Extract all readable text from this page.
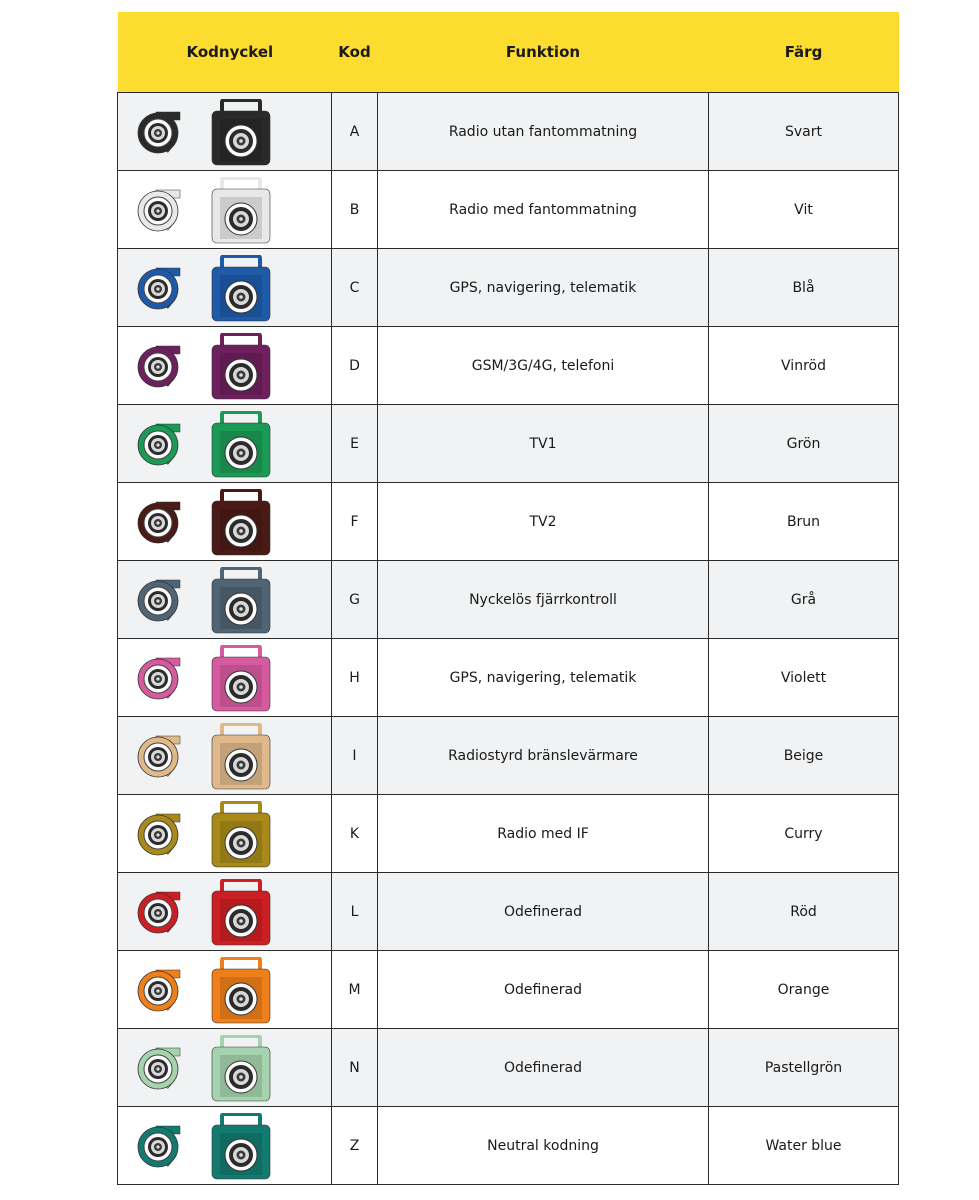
Kodnyckel	Kod	Funktion	Färg

	A	Radio utan fantommatning	Svart

	B	Radio med fantommatning	Vit

	C	GPS, navigering, telematik	Blå

	D	GSM/3G/4G, telefoni	Vinröd

	E	TV1	Grön

	F	TV2	Brun

	G	Nyckelös fjärrkontroll	Grå

	H	GPS, navigering, telematik	Violett

	I	Radiostyrd bränslevärmare	Beige

	K	Radio med IF	Curry

	L	Odefinerad	Röd

	M	Odefinerad	Orange

	N	Odefinerad	Pastellgrön

	Z	Neutral kodning	Water blue
